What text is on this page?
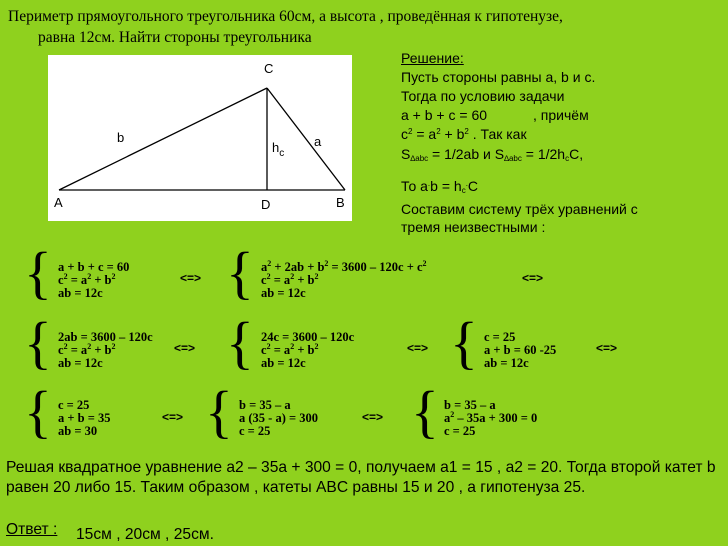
Периметр прямоугольного треугольника 60см, а высота , проведённая к гипотенузе,
равна 12см. Найти стороны треугольника
C
A	D	B
b	a
$h_c$
Решение:
Пусть стороны равны a, b и с.
Тогда по условию задачи
a + b + c = 60	, причём
$c^2 = a^2 + b^2$ . Так как
$S_{\Delta abc} = 1/2ab$ и $S_{\Delta abc} = 1/2h_cC$,
То $a^.b = h_c^.C$
Составим систему трёх уравнений с
тремя неизвестными :
{ a + b + c = 60
$c^2 = a^2 + b^2$
ab = 12c
<=> { $a^2 + 2ab + b^2 = 3600 - 120c + c^2$
$c^2 = a^2 + b^2$
ab = 12c
<=>
{ 2ab = 3600 – 120c
$c^2 = a^2 + b^2$
ab = 12c
<=> { 24c = 3600 – 120c
$c^2 = a^2 + b^2$
ab = 12c
<=> { c = 25
a + b = 60 -25
ab = 12c
<=>
{ c = 25
a + b = 35
ab = 30
<=> { b = 35 – a
a (35 - a) = 300
c = 25
<=> { b = 35 – a
$a^2 - 35a + 300 = 0$
c = 25
Решая квадратное уравнение a2 – 35a + 300 = 0, получаем a1 = 15 , a2 = 20. Тогда второй катет b равен 20 либо 15. Таким образом , катеты ABC равны 15 и 20 , а гипотенуза 25.
Ответ : 15см , 20см , 25см.
